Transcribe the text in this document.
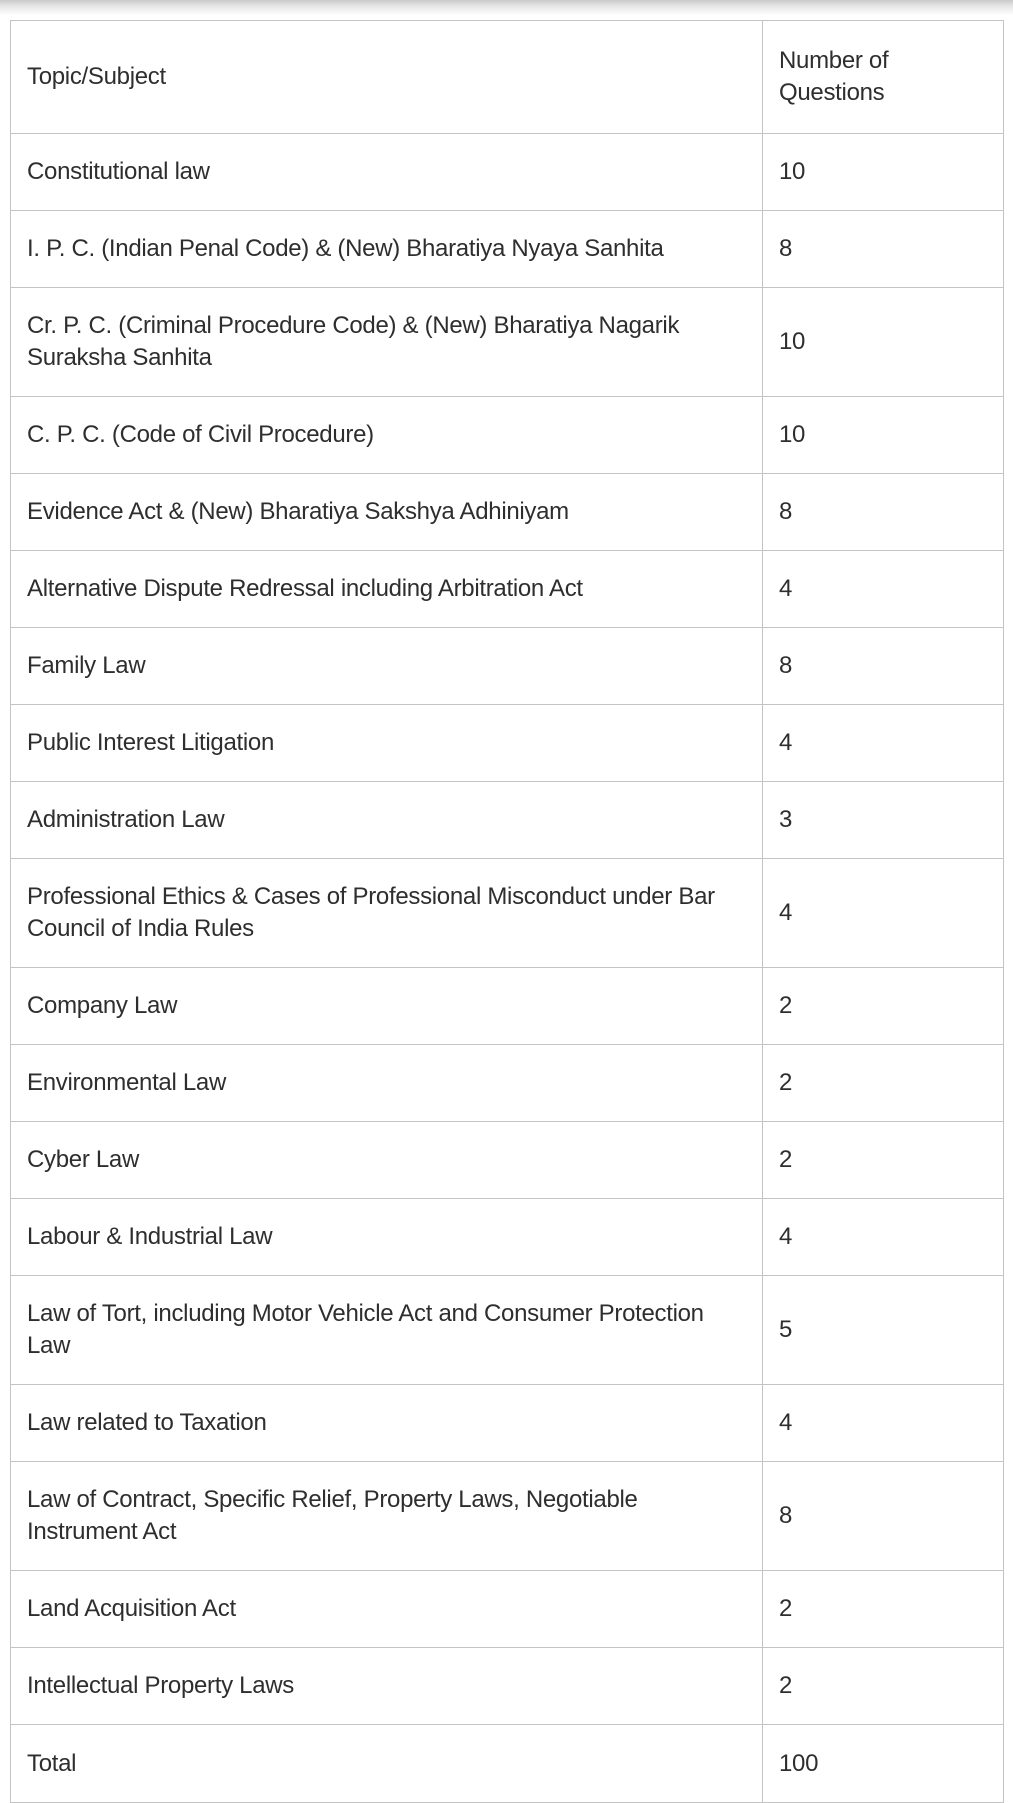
Topic/Subject	Number of Questions
Constitutional law	10
I. P. C. (Indian Penal Code) & (New) Bharatiya Nyaya Sanhita	8
Cr. P. C. (Criminal Procedure Code) & (New) Bharatiya Nagarik Suraksha Sanhita	10
C. P. C. (Code of Civil Procedure)	10
Evidence Act & (New) Bharatiya Sakshya Adhiniyam	8
Alternative Dispute Redressal including Arbitration Act	4
Family Law	8
Public Interest Litigation	4
Administration Law	3
Professional Ethics & Cases of Professional Misconduct under Bar Council of India Rules	4
Company Law	2
Environmental Law	2
Cyber Law	2
Labour & Industrial Law	4
Law of Tort, including Motor Vehicle Act and Consumer Protection Law	5
Law related to Taxation	4
Law of Contract, Specific Relief, Property Laws, Negotiable Instrument Act	8
Land Acquisition Act	2
Intellectual Property Laws	2
Total	100
